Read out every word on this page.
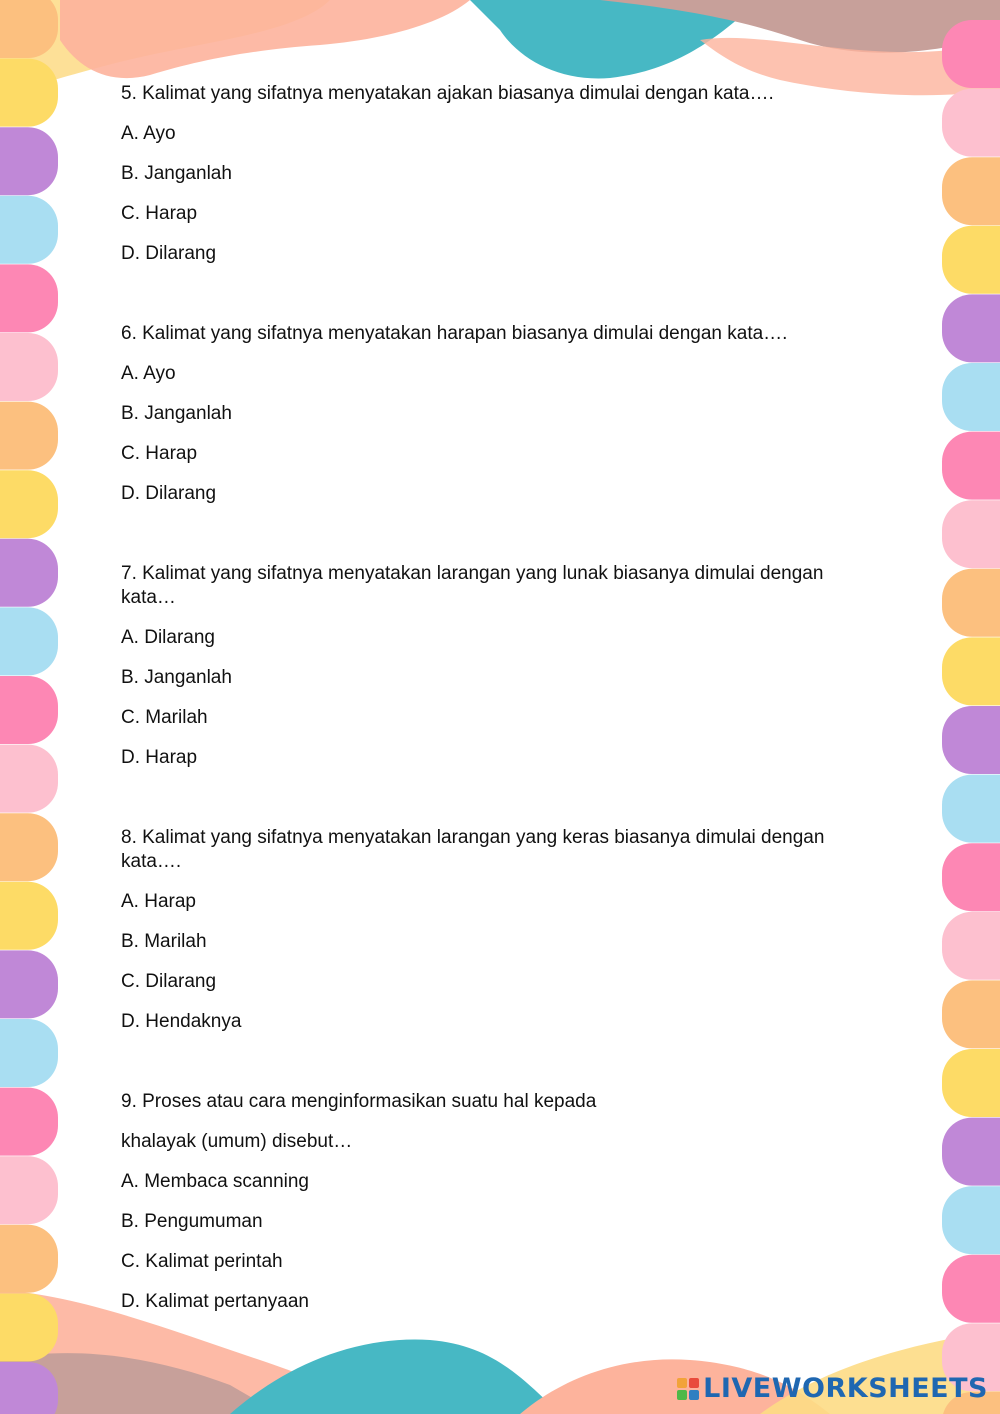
5. Kalimat yang sifatnya menyatakan ajakan biasanya dimulai dengan kata….
A. Ayo
B. Janganlah
C. Harap
D. Dilarang
6. Kalimat yang sifatnya menyatakan harapan biasanya dimulai dengan kata….
A. Ayo
B. Janganlah
C. Harap
D. Dilarang
7. Kalimat yang sifatnya menyatakan larangan yang lunak biasanya dimulai dengan
kata…
A. Dilarang
B. Janganlah
C. Marilah
D. Harap
8. Kalimat yang sifatnya menyatakan larangan yang keras biasanya dimulai dengan
kata….
A. Harap
B. Marilah
C. Dilarang
D. Hendaknya
9. Proses atau cara menginformasikan suatu hal kepada
khalayak (umum) disebut…
A. Membaca scanning
B. Pengumuman
C. Kalimat perintah
D. Kalimat pertanyaan
LIVEWORKSHEETS
